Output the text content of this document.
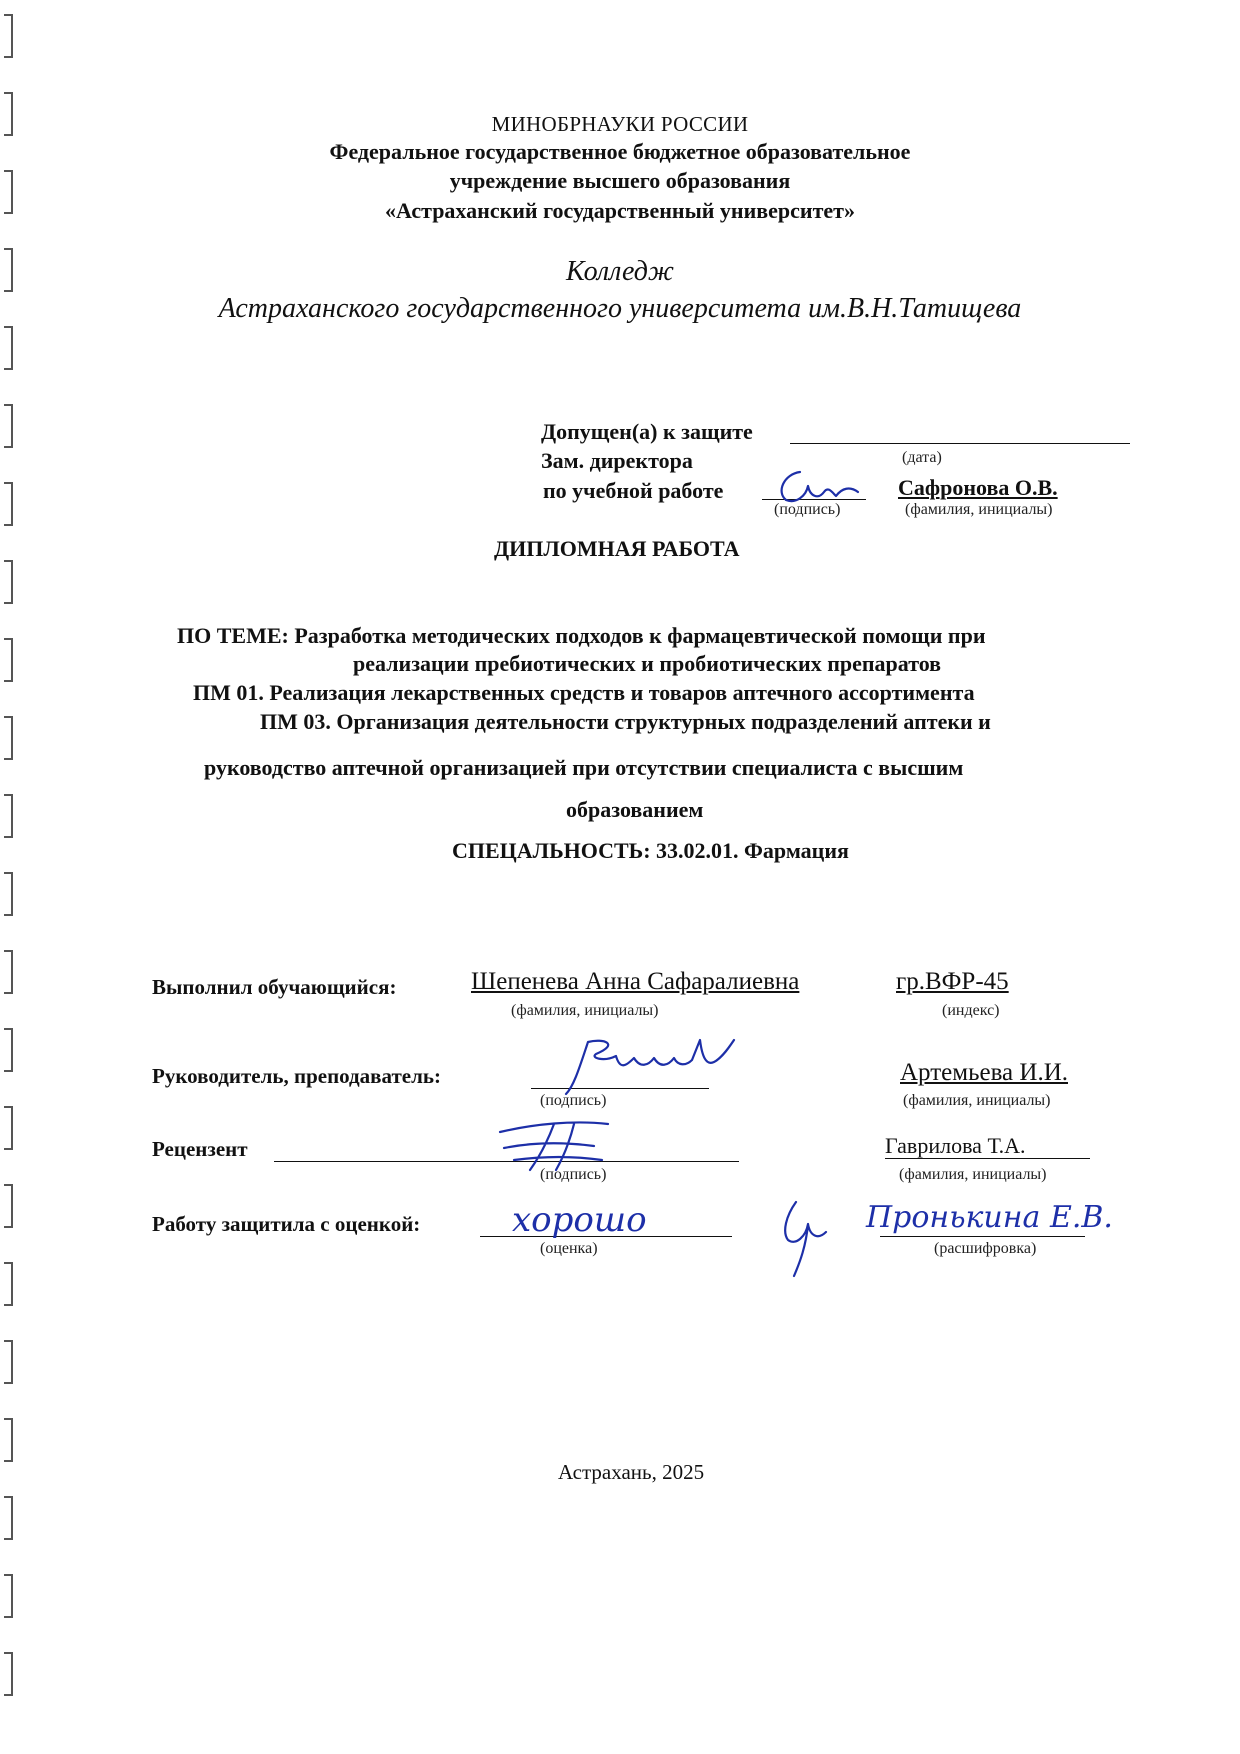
МИНОБРНАУКИ РОССИИ
Федеральное государственное бюджетное образовательное
учреждение высшего образования
«Астраханский государственный университет»
Колледж
Астраханского государственного университета им.В.Н.Татищева
Допущен(а) к защите
(дата)
Зам. директора
по учебной работе
(подпись)
Сафронова О.В.
(фамилия, инициалы)
ДИПЛОМНАЯ РАБОТА
ПО ТЕМЕ: Разработка методических подходов к фармацевтической помощи при
реализации пребиотических и пробиотических препаратов
ПМ 01. Реализация лекарственных средств и товаров аптечного ассортимента
ПМ 03. Организация деятельности структурных подразделений аптеки и
руководство аптечной организацией при отсутствии специалиста с высшим
образованием
СПЕЦАЛЬНОСТЬ: 33.02.01. Фармация
Выполнил обучающийся:	Шепенева Анна Сафаралиевна
(фамилия, инициалы)
гр.ВФР-45
(индекс)
Руководитель, преподаватель:
(подпись)
Артемьева И.И.
(фамилия, инициалы)
Рецензент
(подпись)
Гаврилова Т.А.
(фамилия, инициалы)
Работу защитила с оценкой:	хорошо
(оценка)
Пронькина Е.В.
(расшифровка)
Астрахань, 2025
